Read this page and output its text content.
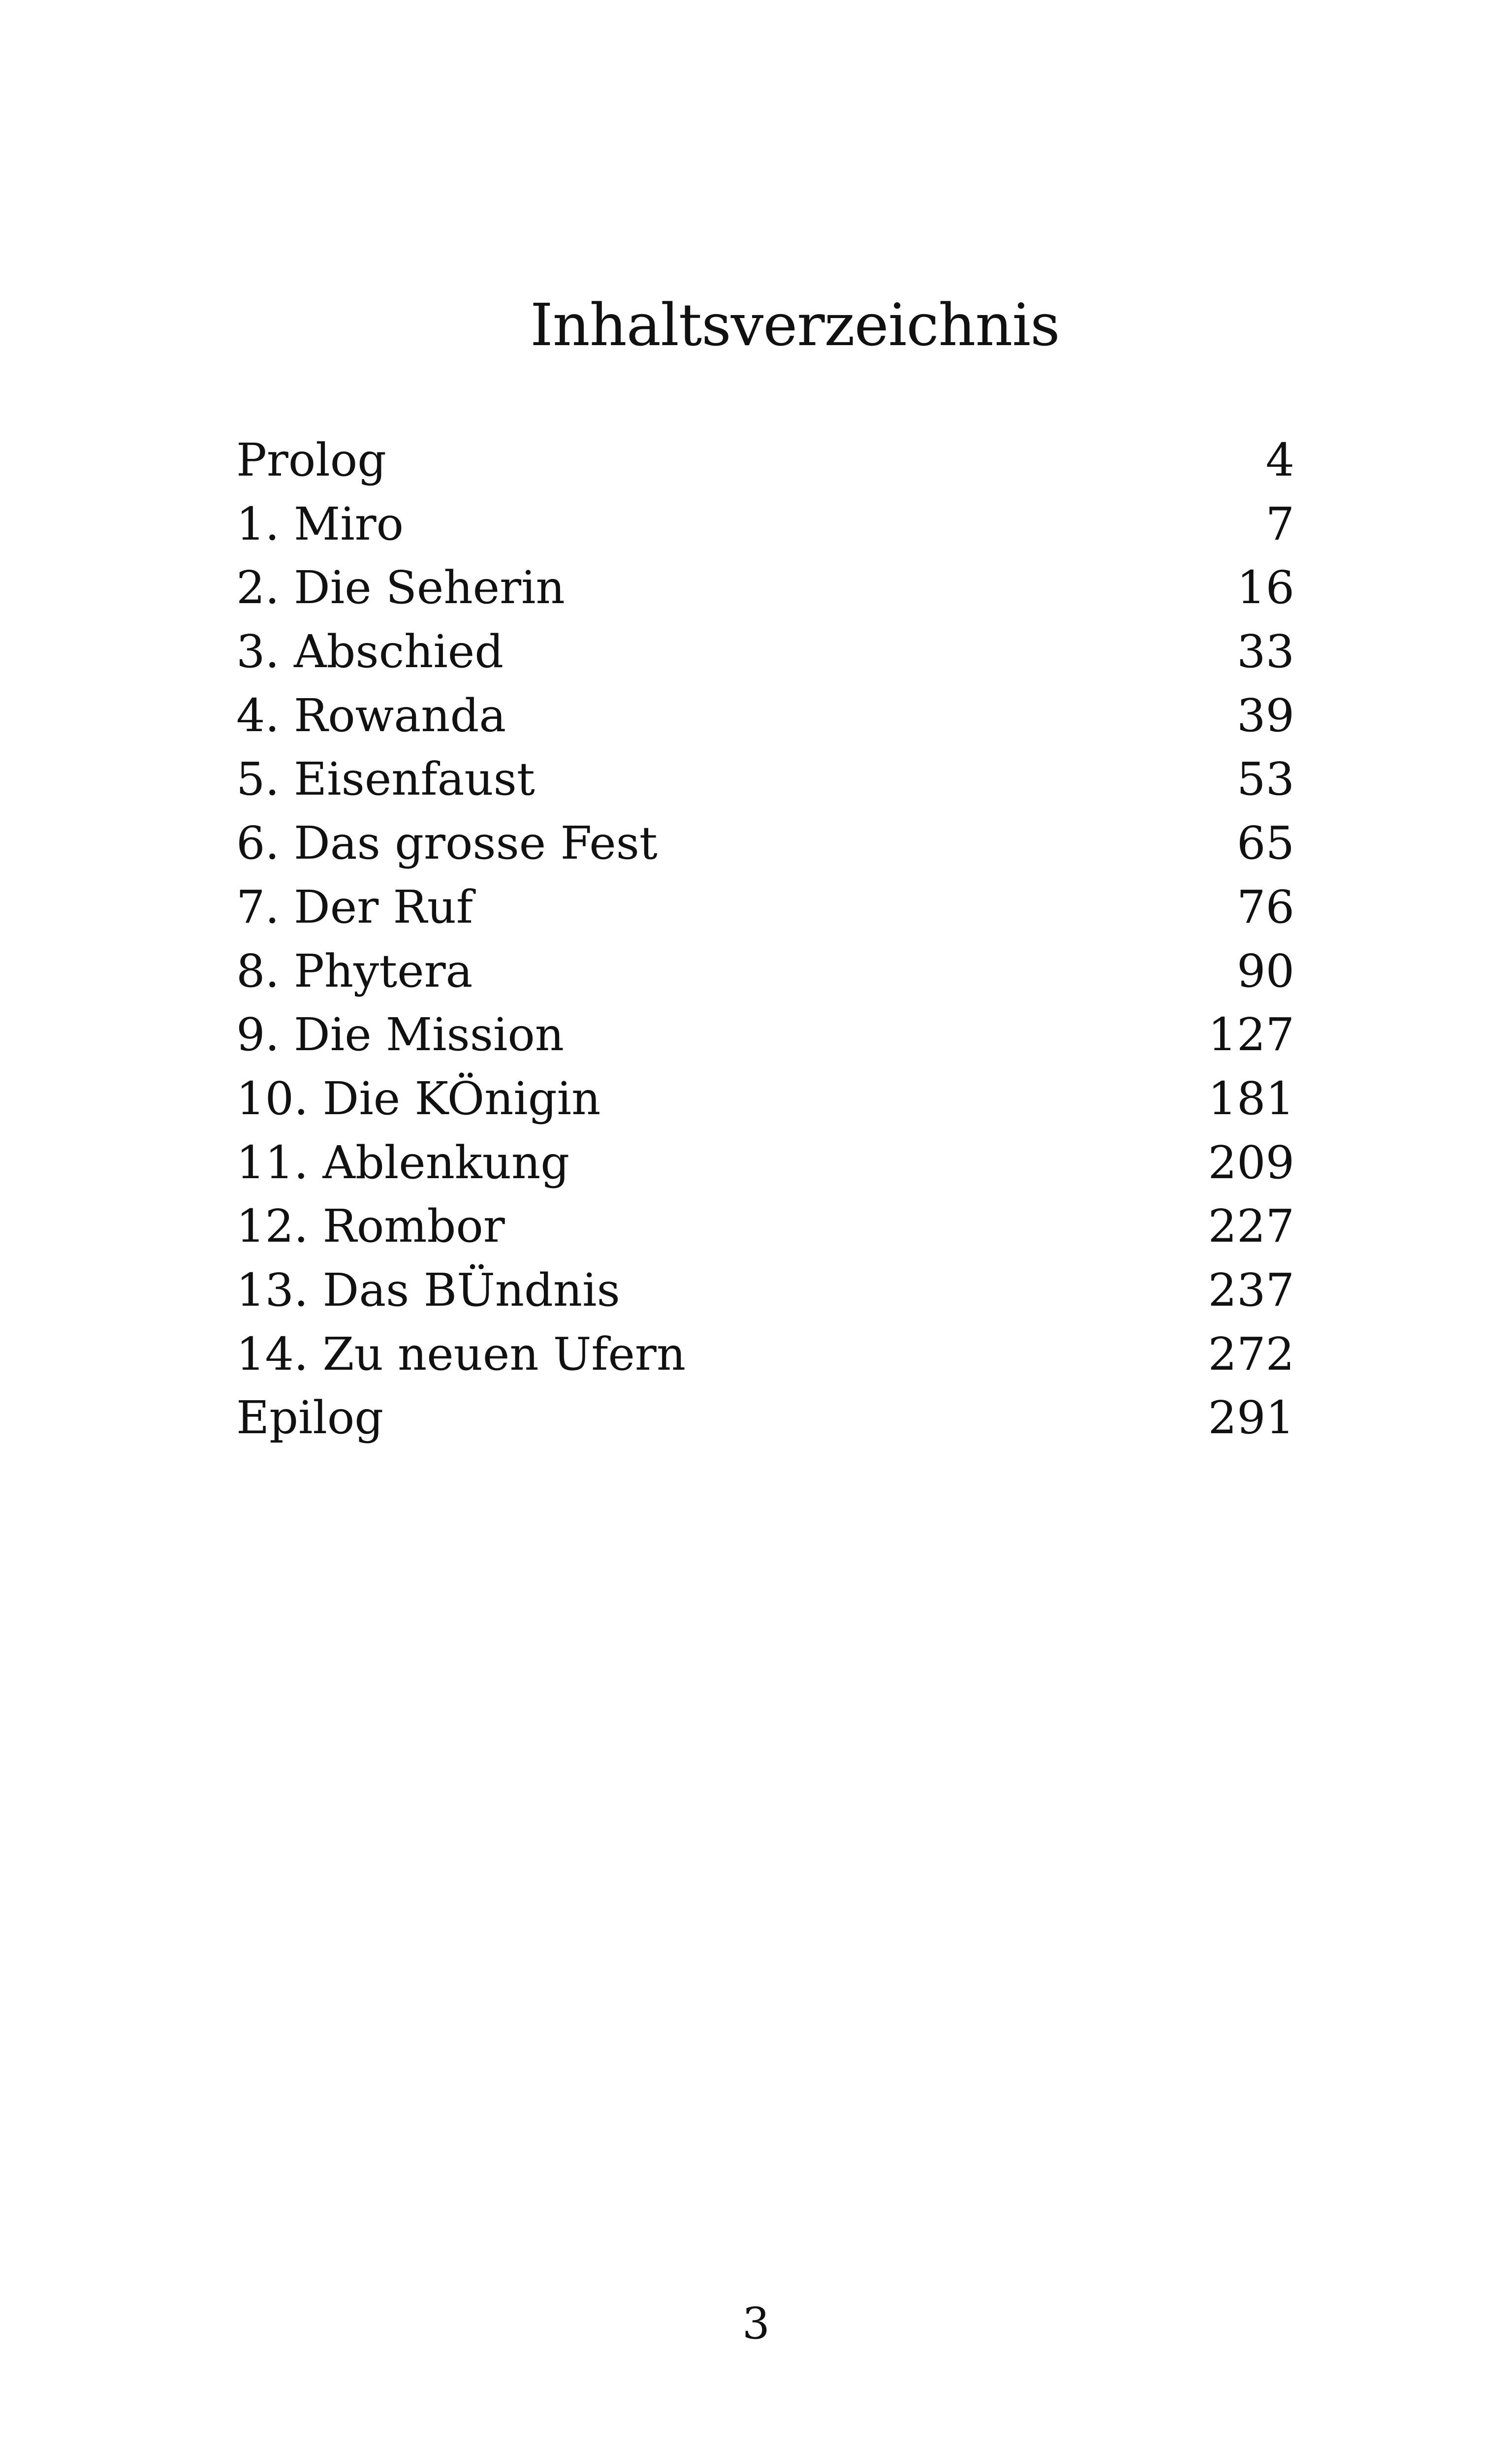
Inhaltsverzeichnis
Prolog	4
1. Miro	7
2. Die Seherin	16
3. Abschied	33
4. Rowanda	39
5. Eisenfaust	53
6. Das grosse Fest	65
7. Der Ruf	76
8. Phytera	90
9. Die Mission	127
10. Die KÖnigin	181
11. Ablenkung	209
12. Rombor	227
13. Das BÜndnis	237
14. Zu neuen Ufern	272
Epilog	291
3
